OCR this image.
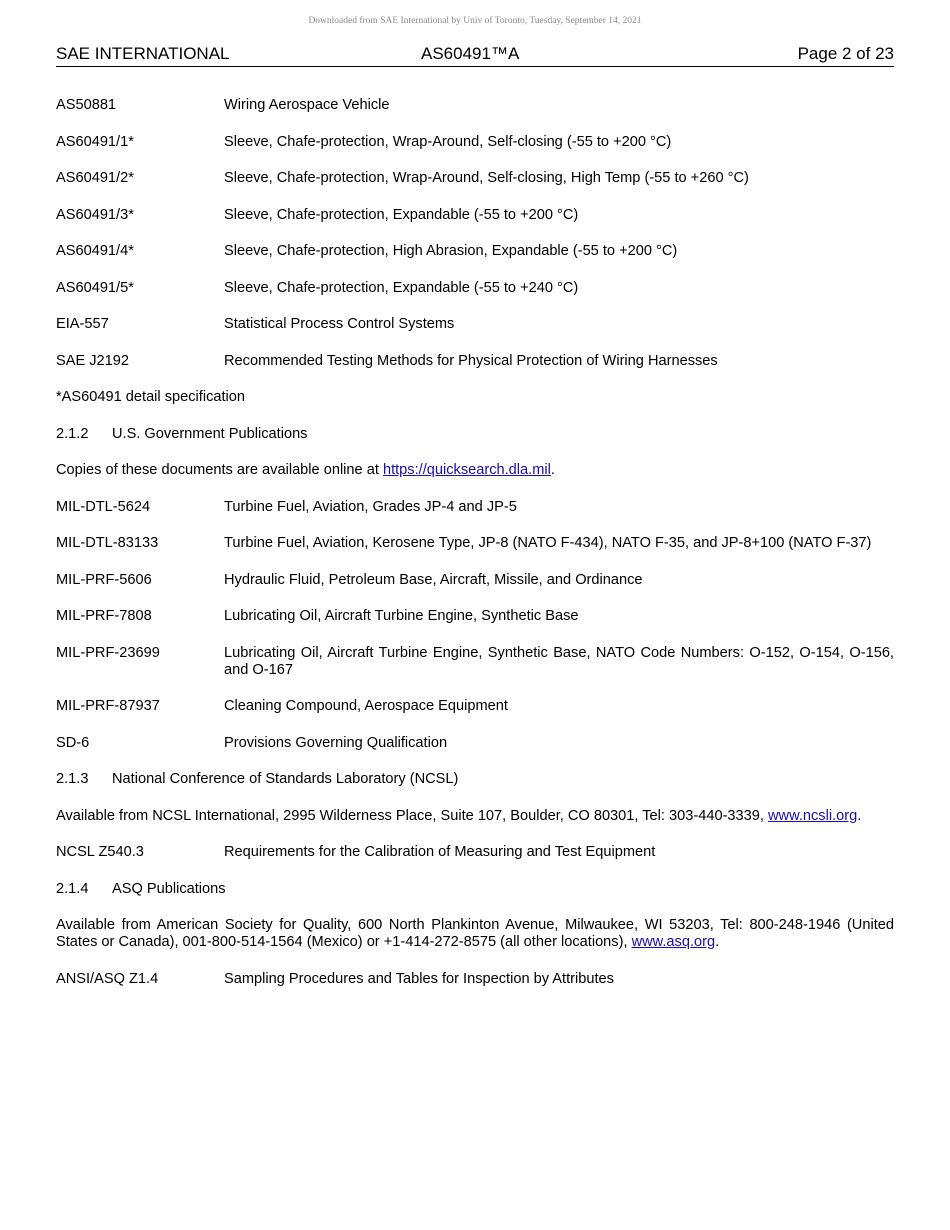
Downloaded from SAE International by Univ of Toronto, Tuesday, September 14, 2021
SAE INTERNATIONAL	AS60491™A	Page 2 of 23
AS50881	Wiring Aerospace Vehicle
AS60491/1*	Sleeve, Chafe-protection, Wrap-Around, Self-closing (-55 to +200 °C)
AS60491/2*	Sleeve, Chafe-protection, Wrap-Around, Self-closing, High Temp (-55 to +260 °C)
AS60491/3*	Sleeve, Chafe-protection, Expandable (-55 to +200 °C)
AS60491/4*	Sleeve, Chafe-protection, High Abrasion, Expandable (-55 to +200 °C)
AS60491/5*	Sleeve, Chafe-protection, Expandable (-55 to +240 °C)
EIA-557	Statistical Process Control Systems
SAE J2192	Recommended Testing Methods for Physical Protection of Wiring Harnesses
*AS60491 detail specification
2.1.2	U.S. Government Publications
Copies of these documents are available online at https://quicksearch.dla.mil.
MIL-DTL-5624	Turbine Fuel, Aviation, Grades JP-4 and JP-5
MIL-DTL-83133	Turbine Fuel, Aviation, Kerosene Type, JP-8 (NATO F-434), NATO F-35, and JP-8+100 (NATO F-37)
MIL-PRF-5606	Hydraulic Fluid, Petroleum Base, Aircraft, Missile, and Ordinance
MIL-PRF-7808	Lubricating Oil, Aircraft Turbine Engine, Synthetic Base
MIL-PRF-23699	Lubricating Oil, Aircraft Turbine Engine, Synthetic Base, NATO Code Numbers: O-152, O-154, O-156, and O-167
MIL-PRF-87937	Cleaning Compound, Aerospace Equipment
SD-6	Provisions Governing Qualification
2.1.3	National Conference of Standards Laboratory (NCSL)
Available from NCSL International, 2995 Wilderness Place, Suite 107, Boulder, CO 80301, Tel: 303-440-3339, www.ncsli.org.
NCSL Z540.3	Requirements for the Calibration of Measuring and Test Equipment
2.1.4	ASQ Publications
Available from American Society for Quality, 600 North Plankinton Avenue, Milwaukee, WI 53203, Tel: 800-248-1946 (United States or Canada), 001-800-514-1564 (Mexico) or +1-414-272-8575 (all other locations), www.asq.org.
ANSI/ASQ Z1.4	Sampling Procedures and Tables for Inspection by Attributes
